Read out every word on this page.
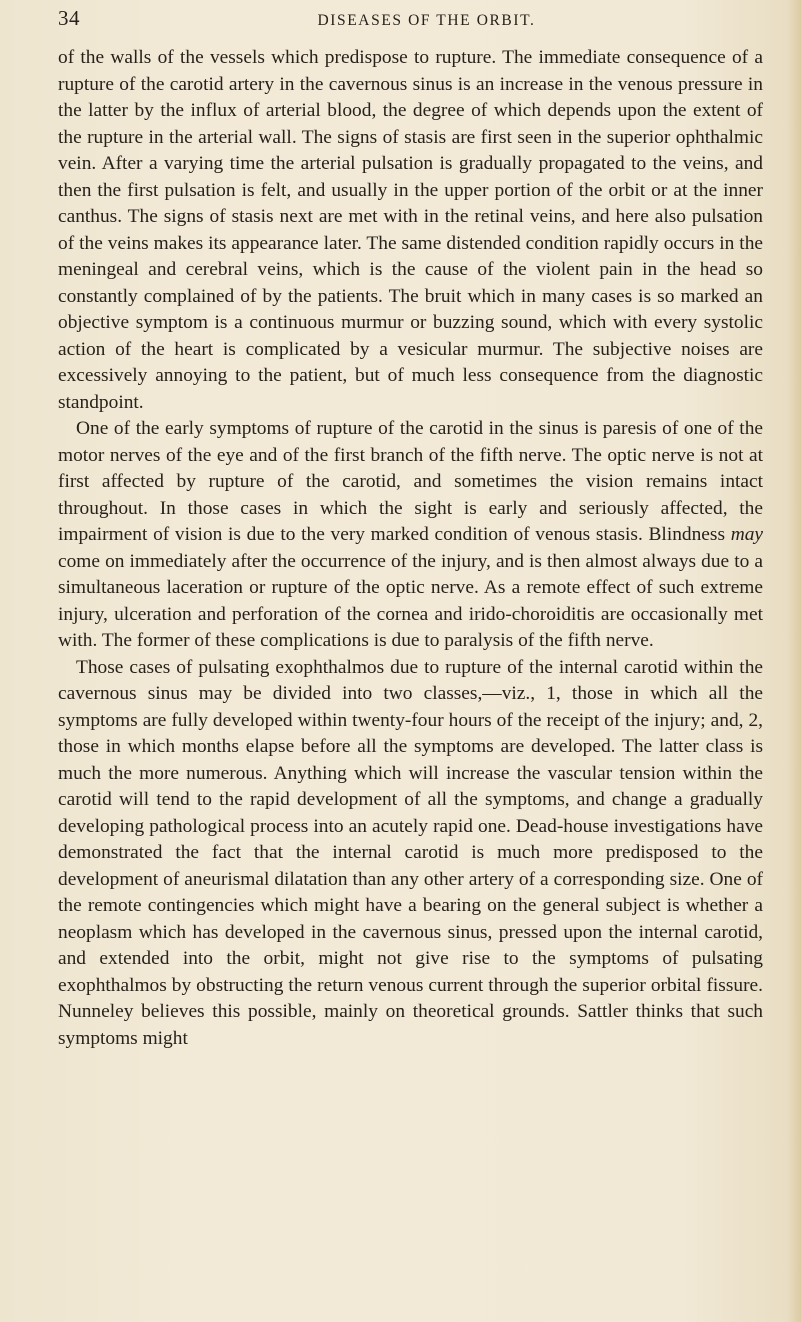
34	DISEASES OF THE ORBIT.

of the walls of the vessels which predispose to rupture. The immediate consequence of a rupture of the carotid artery in the cavernous sinus is an increase in the venous pressure in the latter by the influx of arterial blood, the degree of which depends upon the extent of the rupture in the arterial wall. The signs of stasis are first seen in the superior ophthalmic vein. After a varying time the arterial pulsation is gradually propagated to the veins, and then the first pulsation is felt, and usually in the upper portion of the orbit or at the inner canthus. The signs of stasis next are met with in the retinal veins, and here also pulsation of the veins makes its appearance later. The same distended condition rapidly occurs in the meningeal and cerebral veins, which is the cause of the violent pain in the head so constantly complained of by the patients. The bruit which in many cases is so marked an objective symptom is a continuous murmur or buzzing sound, which with every systolic action of the heart is complicated by a vesicular murmur. The subjective noises are excessively annoying to the patient, but of much less consequence from the diagnostic standpoint.

One of the early symptoms of rupture of the carotid in the sinus is paresis of one of the motor nerves of the eye and of the first branch of the fifth nerve. The optic nerve is not at first affected by rupture of the carotid, and sometimes the vision remains intact throughout. In those cases in which the sight is early and seriously affected, the impairment of vision is due to the very marked condition of venous stasis. Blindness may come on immediately after the occurrence of the injury, and is then almost always due to a simultaneous laceration or rupture of the optic nerve. As a remote effect of such extreme injury, ulceration and perforation of the cornea and irido-choroiditis are occasionally met with. The former of these complications is due to paralysis of the fifth nerve.

Those cases of pulsating exophthalmos due to rupture of the internal carotid within the cavernous sinus may be divided into two classes,—viz., 1, those in which all the symptoms are fully developed within twenty-four hours of the receipt of the injury; and, 2, those in which months elapse before all the symptoms are developed. The latter class is much the more numerous. Anything which will increase the vascular tension within the carotid will tend to the rapid development of all the symptoms, and change a gradually developing pathological process into an acutely rapid one. Dead-house investigations have demonstrated the fact that the internal carotid is much more predisposed to the development of aneurismal dilatation than any other artery of a corresponding size. One of the remote contingencies which might have a bearing on the general subject is whether a neoplasm which has developed in the cavernous sinus, pressed upon the internal carotid, and extended into the orbit, might not give rise to the symptoms of pulsating exophthalmos by obstructing the return venous current through the superior orbital fissure. Nunneley believes this possible, mainly on theoretical grounds. Sattler thinks that such symptoms might
